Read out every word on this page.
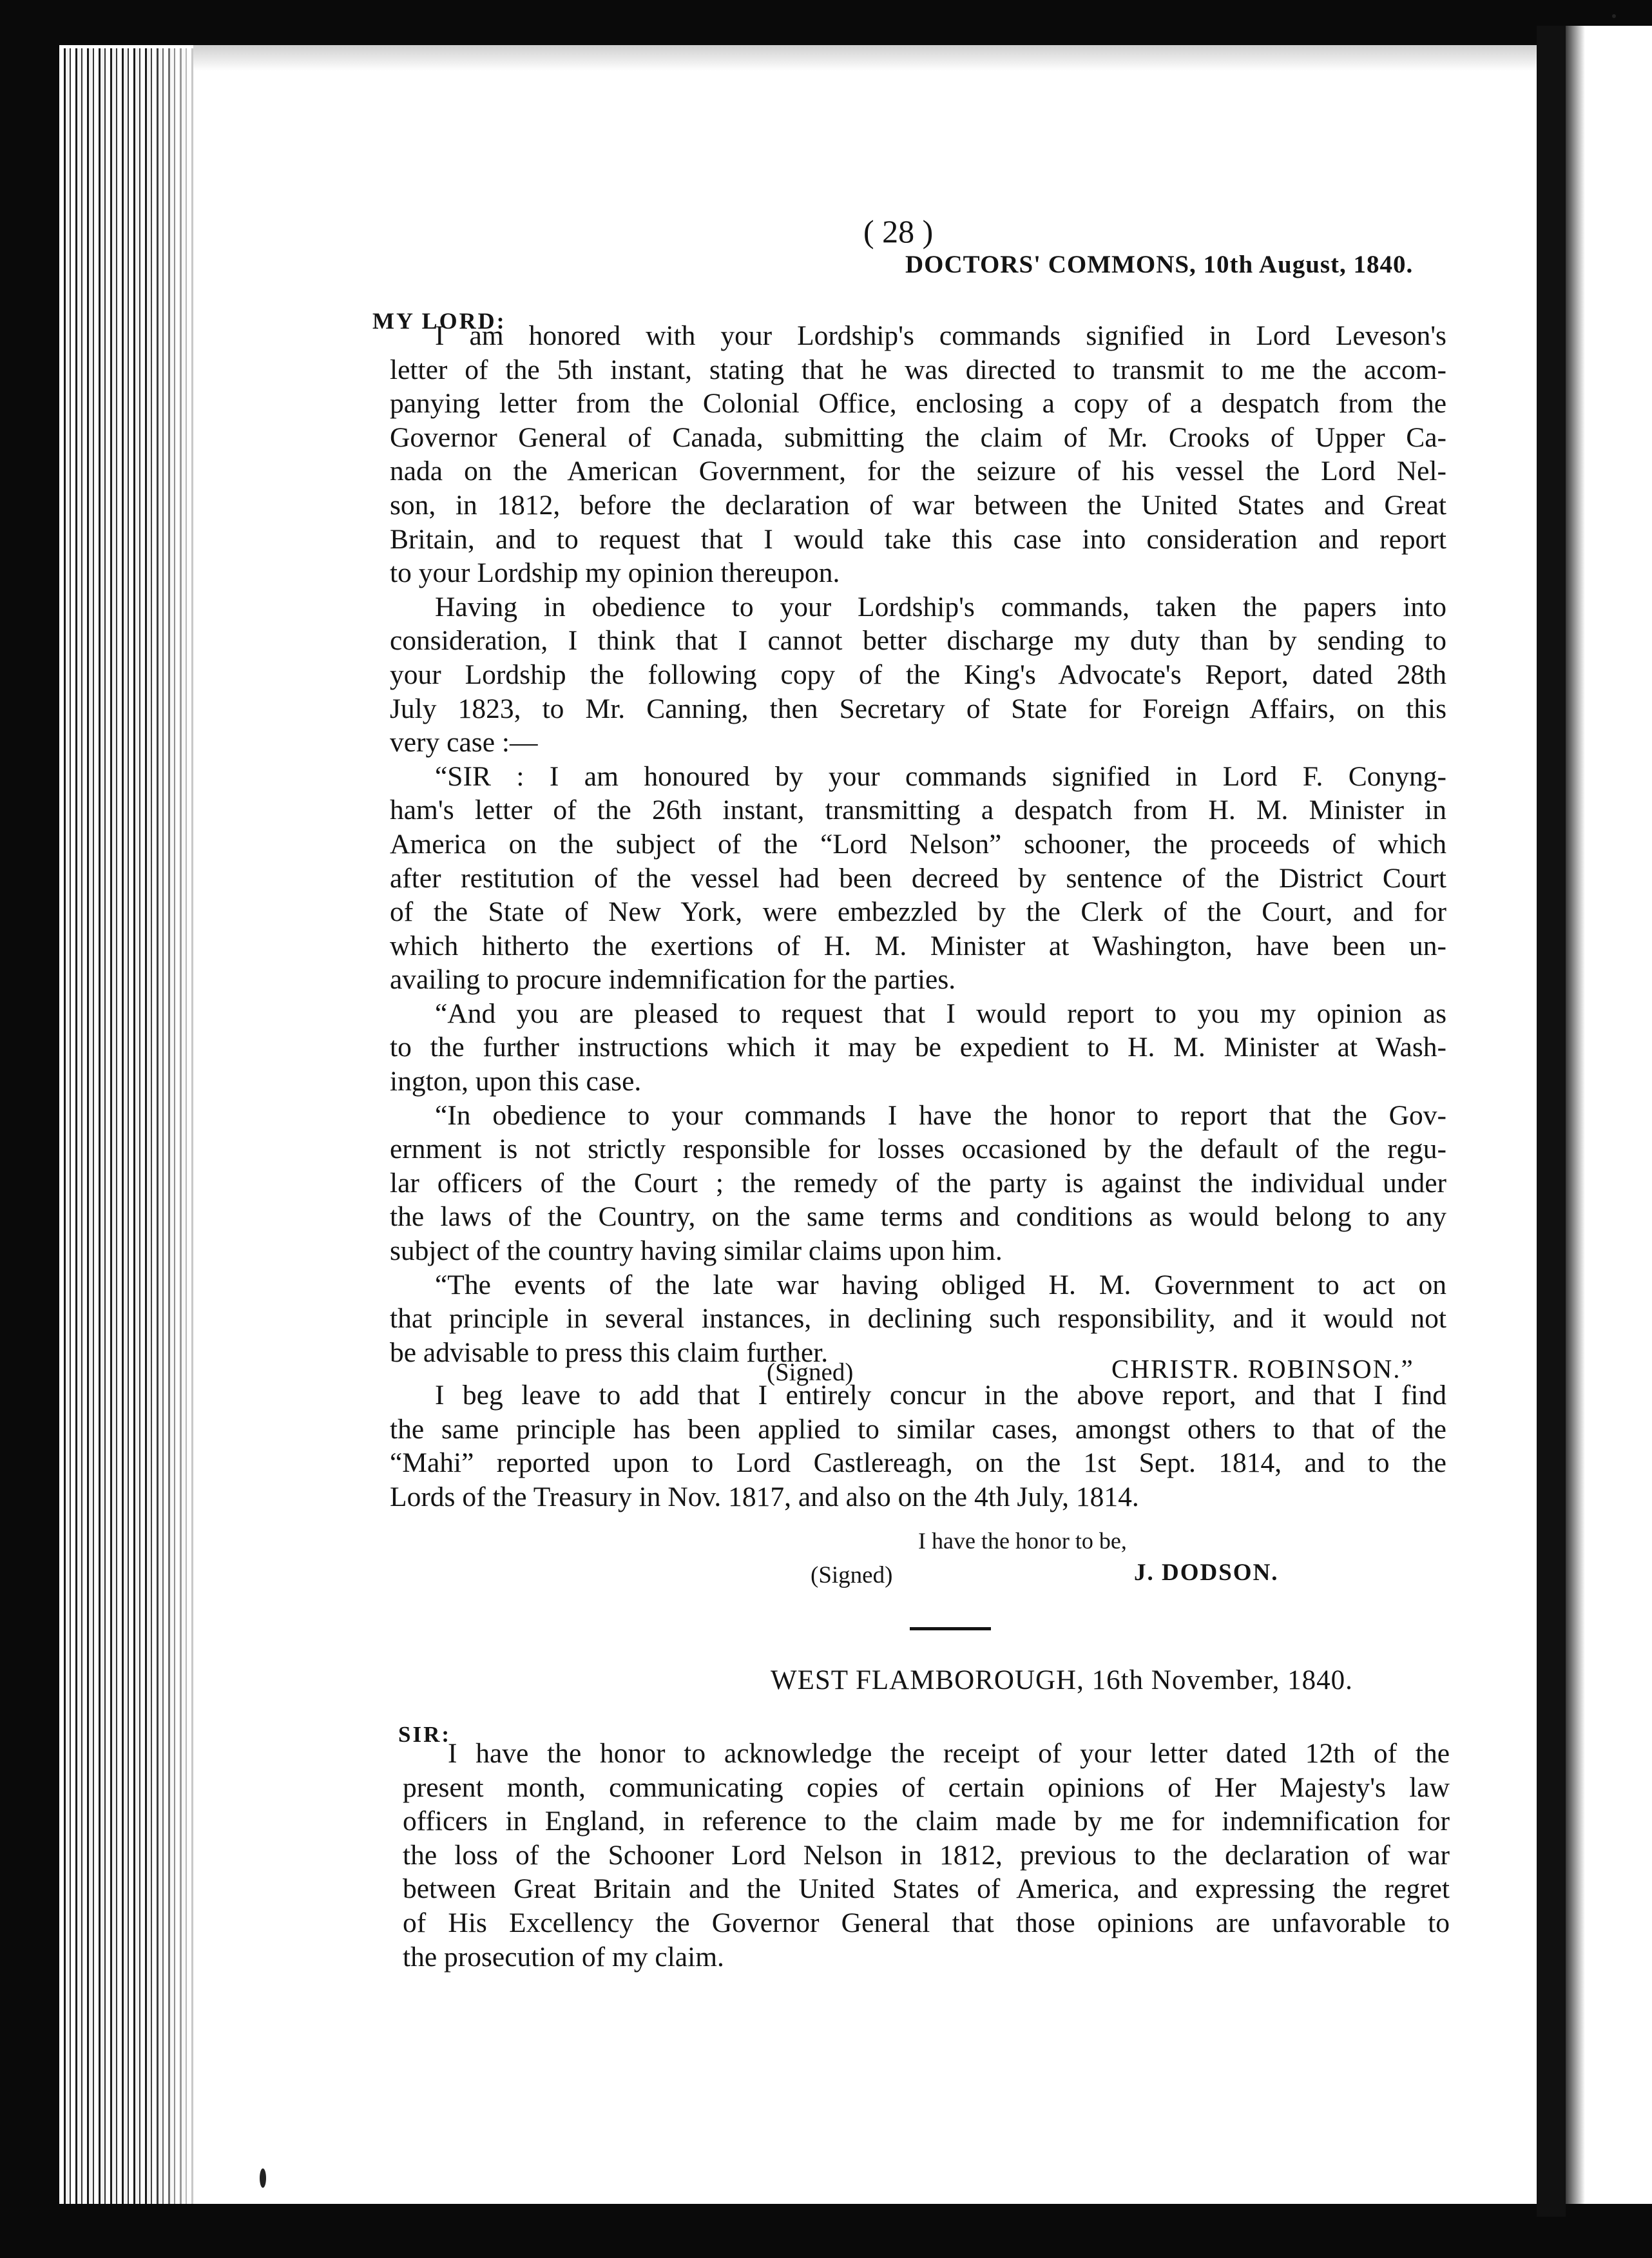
( 28 )
DOCTORS' COMMONS, 10th August, 1840.
MY LORD:
I am honored with your Lordship's commands signified in Lord Leveson's
letter of the 5th instant, stating that he was directed to transmit to me the accom-
panying letter from the Colonial Office, enclosing a copy of a despatch from the
Governor General of Canada, submitting the claim of Mr. Crooks of Upper Ca-
nada on the American Government, for the seizure of his vessel the Lord Nel-
son, in 1812, before the declaration of war between the United States and Great
Britain, and to request that I would take this case into consideration and report
to your Lordship my opinion thereupon.
Having in obedience to your Lordship's commands, taken the papers into
consideration, I think that I cannot better discharge my duty than by sending to
your Lordship the following copy of the King's Advocate's Report, dated 28th
July 1823, to Mr. Canning, then Secretary of State for Foreign Affairs, on this
very case :—
“SIR : I am honoured by your commands signified in Lord F. Conyng-
ham's letter of the 26th instant, transmitting a despatch from H. M. Minister in
America on the subject of the “Lord Nelson” schooner, the proceeds of which
after restitution of the vessel had been decreed by sentence of the District Court
of the State of New York, were embezzled by the Clerk of the Court, and for
which hitherto the exertions of H. M. Minister at Washington, have been un-
availing to procure indemnification for the parties.
“And you are pleased to request that I would report to you my opinion as
to the further instructions which it may be expedient to H. M. Minister at Wash-
ington, upon this case.
“In obedience to your commands I have the honor to report that the Gov-
ernment is not strictly responsible for losses occasioned by the default of the regu-
lar officers of the Court ; the remedy of the party is against the individual under
the laws of the Country, on the same terms and conditions as would belong to any
subject of the country having similar claims upon him.
“The events of the late war having obliged H. M. Government to act on
that principle in several instances, in declining such responsibility, and it would not
be advisable to press this claim further.
(Signed)	CHRISTR. ROBINSON.”
I beg leave to add that I entirely concur in the above report, and that I find
the same principle has been applied to similar cases, amongst others to that of the
“Mahi” reported upon to Lord Castlereagh, on the 1st Sept. 1814, and to the
Lords of the Treasury in Nov. 1817, and also on the 4th July, 1814.
I have the honor to be,
(Signed)	J. DODSON.
WEST FLAMBOROUGH, 16th November, 1840.
SIR:
I have the honor to acknowledge the receipt of your letter dated 12th of the
present month, communicating copies of certain opinions of Her Majesty's law
officers in England, in reference to the claim made by me for indemnification for
the loss of the Schooner Lord Nelson in 1812, previous to the declaration of war
between Great Britain and the United States of America, and expressing the regret
of His Excellency the Governor General that those opinions are unfavorable to
the prosecution of my claim.
